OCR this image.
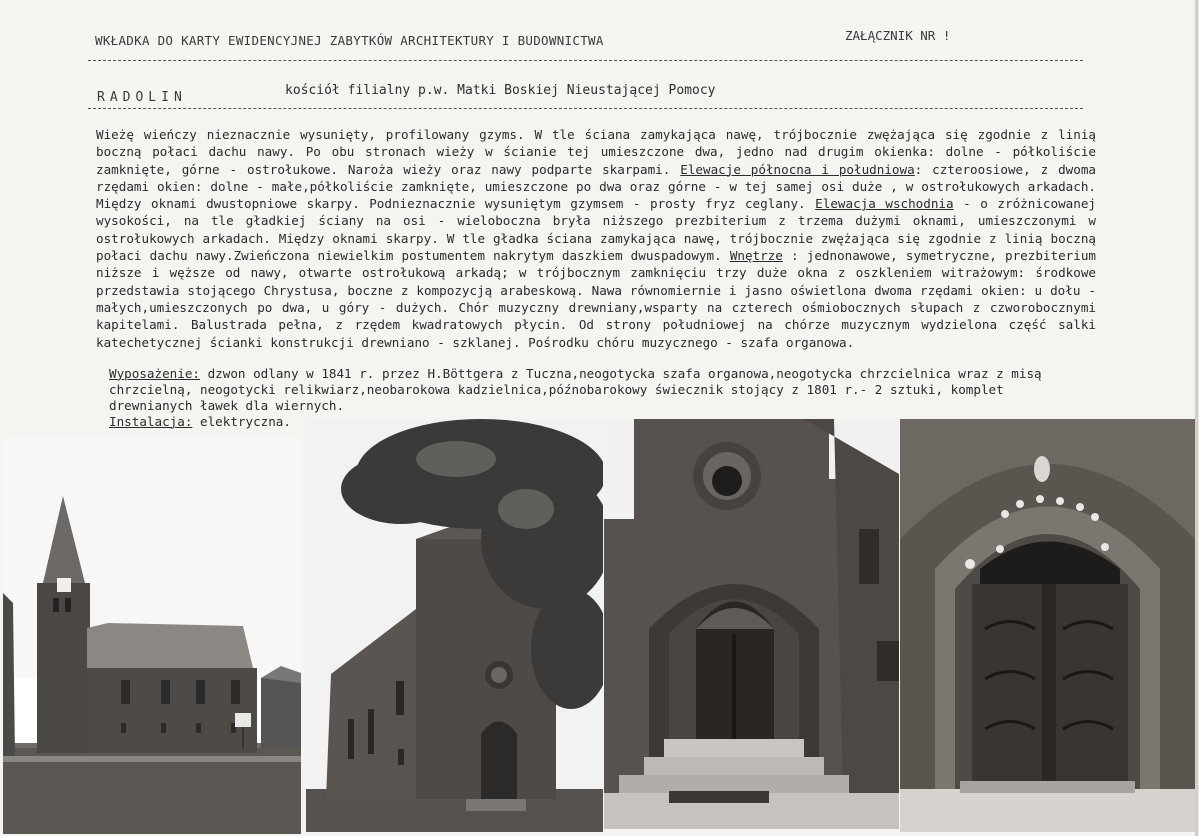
WKŁADKA DO KARTY EWIDENCYJNEJ ZABYTKÓW ARCHITEKTURY I BUDOWNICTWA	ZAŁĄCZNIK NR !
RADOLIN	kościół filialny p.w. Matki Boskiej Nieustającej Pomocy

Wieżę wieńczy nieznacznie wysunięty, profilowany gzyms. W tle ściana zamykająca nawę, trójbocznie zwężająca się zgodnie z linią boczną połaci dachu nawy. Po obu stronach wieży w ścianie tej umieszczone dwa, jedno nad drugim okienka: dolne - półkoliście zamknięte, górne - ostrołukowe. Naroża wieży oraz nawy podparte skarpami. Elewacje północna i południowa: czteroosiowe, z dwoma rzędami okien: dolne - małe,półkoliście zamknięte, umieszczone po dwa oraz górne - w tej samej osi duże , w ostrołukowych arkadach. Między oknami dwustopniowe skarpy. Podnieznacznie wysuniętym gzymsem - prosty fryz ceglany. Elewacja wschodnia - o zróżnicowanej wysokości, na tle gładkiej ściany na osi - wieloboczna bryła niższego prezbiterium z trzema dużymi oknami, umieszczonymi w ostrołukowych arkadach. Między oknami skarpy. W tle gładka ściana zamykająca nawę, trójbocznie zwężająca się zgodnie z linią boczną połaci dachu nawy.Zwieńczona niewielkim postumentem nakrytym daszkiem dwuspadowym. Wnętrze : jednonawowe, symetryczne, prezbiterium niższe i węższe od nawy, otwarte ostrołukową arkadą; w trójbocznym zamknięciu trzy duże okna z oszkleniem witrażowym: środkowe przedstawia stojącego Chrystusa, boczne z kompozycją arabeskową. Nawa równomiernie i jasno oświetlona dwoma rzędami okien: u dołu - małych,umieszczonych po dwa, u góry - dużych. Chór muzyczny drewniany,wsparty na czterech ośmiobocznych słupach z czworobocznymi kapitelami. Balustrada pełna, z rzędem kwadratowych płycin. Od strony południowej na chórze muzycznym wydzielona część salki katechetycznej ścianki konstrukcji drewniano - szklanej. Pośrodku chóru muzycznego - szafa organowa.

Wyposażenie: dzwon odlany w 1841 r. przez H.Böttgera z Tuczna,neogotycka szafa organowa,neogotycka chrzcielnica wraz z misą chrzcielną, neogotycki relikwiarz,neobarokowa kadzielnica,późnobarokowy świecznik stojący z 1801 r.- 2 sztuki, komplet drewnianych ławek dla wiernych.

Instalacja: elektryczna.
